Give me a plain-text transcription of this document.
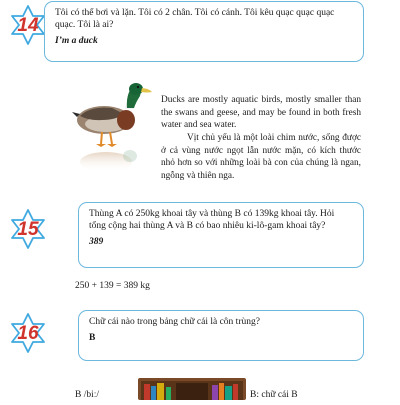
14
Tôi có thể bơi và lặn. Tôi có 2 chân. Tôi có cánh. Tôi kêu quạc quạc quạc quạc. Tôi là ai?
I’m a duck
Ducks are mostly aquatic birds, mostly smaller than the swans and geese, and may be found in both fresh water and sea water.
Vịt chủ yếu là một loài chim nước, sống được ở cả vùng nước ngọt lẫn nước mặn, có kích thước nhỏ hơn so với những loài bà con của chúng là ngan, ngỗng và thiên nga.
15
Thùng A có 250kg khoai tây và thùng B có 139kg khoai tây. Hỏi tổng cộng hai thùng A và B có bao nhiêu ki-lô-gam khoai tây?
389
250 + 139 = 389 kg
16
Chữ cái nào trong bảng chữ cái là côn trùng?
B
B /biː/	B: chữ cái B
